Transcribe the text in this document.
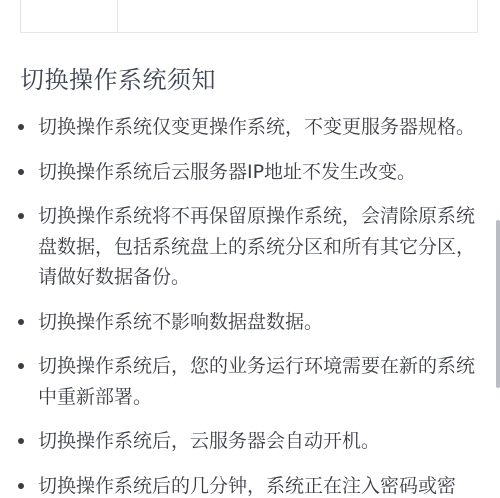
切换操作系统须知
切换操作系统仅变更操作系统，不变更服务器规格。
切换操作系统后云服务器IP地址不发生改变。
切换操作系统将不再保留原操作系统，会清除原系统盘数据，包括系统盘上的系统分区和所有其它分区，请做好数据备份。
切换操作系统不影响数据盘数据。
切换操作系统后，您的业务运行环境需要在新的系统中重新部署。
切换操作系统后，云服务器会自动开机。
切换操作系统后的几分钟，系统正在注入密码或密
